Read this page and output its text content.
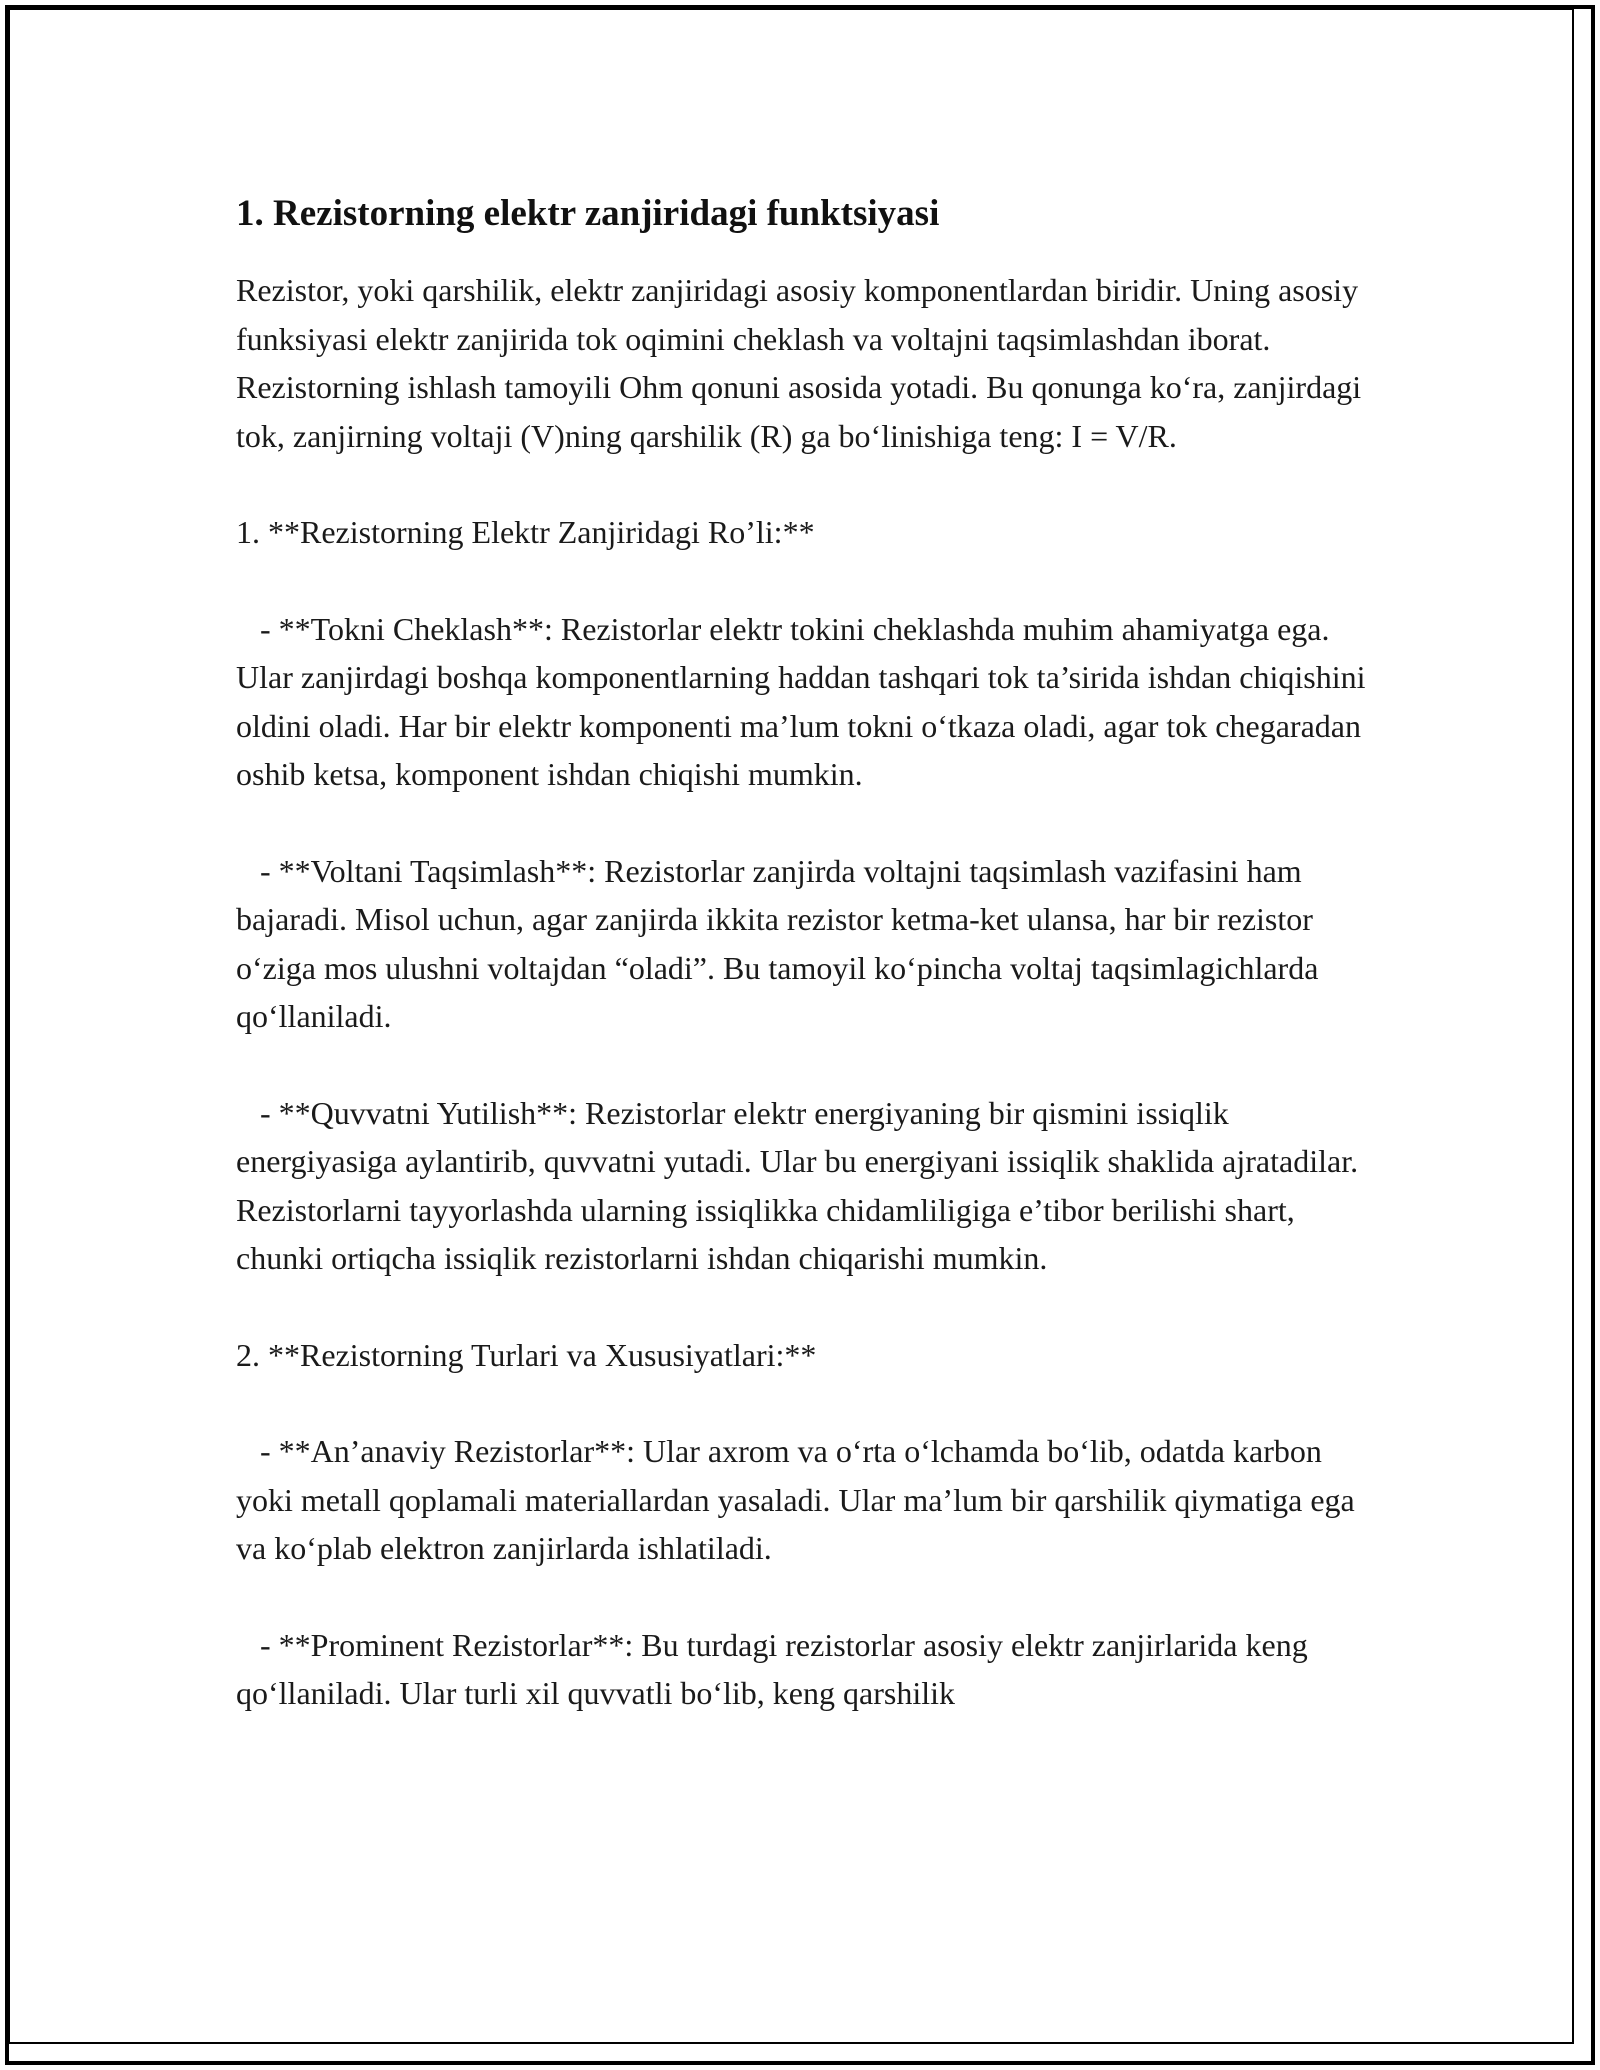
1. Rezistorning elektr zanjiridagi funktsiyasi

Rezistor, yoki qarshilik, elektr zanjiridagi asosiy komponentlardan biridir. Uning asosiy funksiyasi elektr zanjirida tok oqimini cheklash va voltajni taqsimlashdan iborat. Rezistorning ishlash tamoyili Ohm qonuni asosida yotadi. Bu qonunga ko‘ra, zanjirdagi tok, zanjirning voltaji (V)ning qarshilik (R) ga bo‘linishiga teng: I = V/R.

1. **Rezistorning Elektr Zanjiridagi Ro’li:**

- **Tokni Cheklash**: Rezistorlar elektr tokini cheklashda muhim ahamiyatga ega. Ular zanjirdagi boshqa komponentlarning haddan tashqari tok ta’sirida ishdan chiqishini oldini oladi. Har bir elektr komponenti ma’lum tokni o‘tkaza oladi, agar tok chegaradan oshib ketsa, komponent ishdan chiqishi mumkin.

- **Voltani Taqsimlash**: Rezistorlar zanjirda voltajni taqsimlash vazifasini ham bajaradi. Misol uchun, agar zanjirda ikkita rezistor ketma-ket ulansa, har bir rezistor o‘ziga mos ulushni voltajdan “oladi”. Bu tamoyil ko‘pincha voltaj taqsimlagichlarda qo‘llaniladi.

- **Quvvatni Yutilish**: Rezistorlar elektr energiyaning bir qismini issiqlik energiyasiga aylantirib, quvvatni yutadi. Ular bu energiyani issiqlik shaklida ajratadilar. Rezistorlarni tayyorlashda ularning issiqlikka chidamliligiga e’tibor berilishi shart, chunki ortiqcha issiqlik rezistorlarni ishdan chiqarishi mumkin.

2. **Rezistorning Turlari va Xususiyatlari:**

- **An’anaviy Rezistorlar**: Ular axrom va o‘rta o‘lchamda bo‘lib, odatda karbon yoki metall qoplamali materiallardan yasaladi. Ular ma’lum bir qarshilik qiymatiga ega va ko‘plab elektron zanjirlarda ishlatiladi.

- **Prominent Rezistorlar**: Bu turdagi rezistorlar asosiy elektr zanjirlarida keng qo‘llaniladi. Ular turli xil quvvatli bo‘lib, keng qarshilik
